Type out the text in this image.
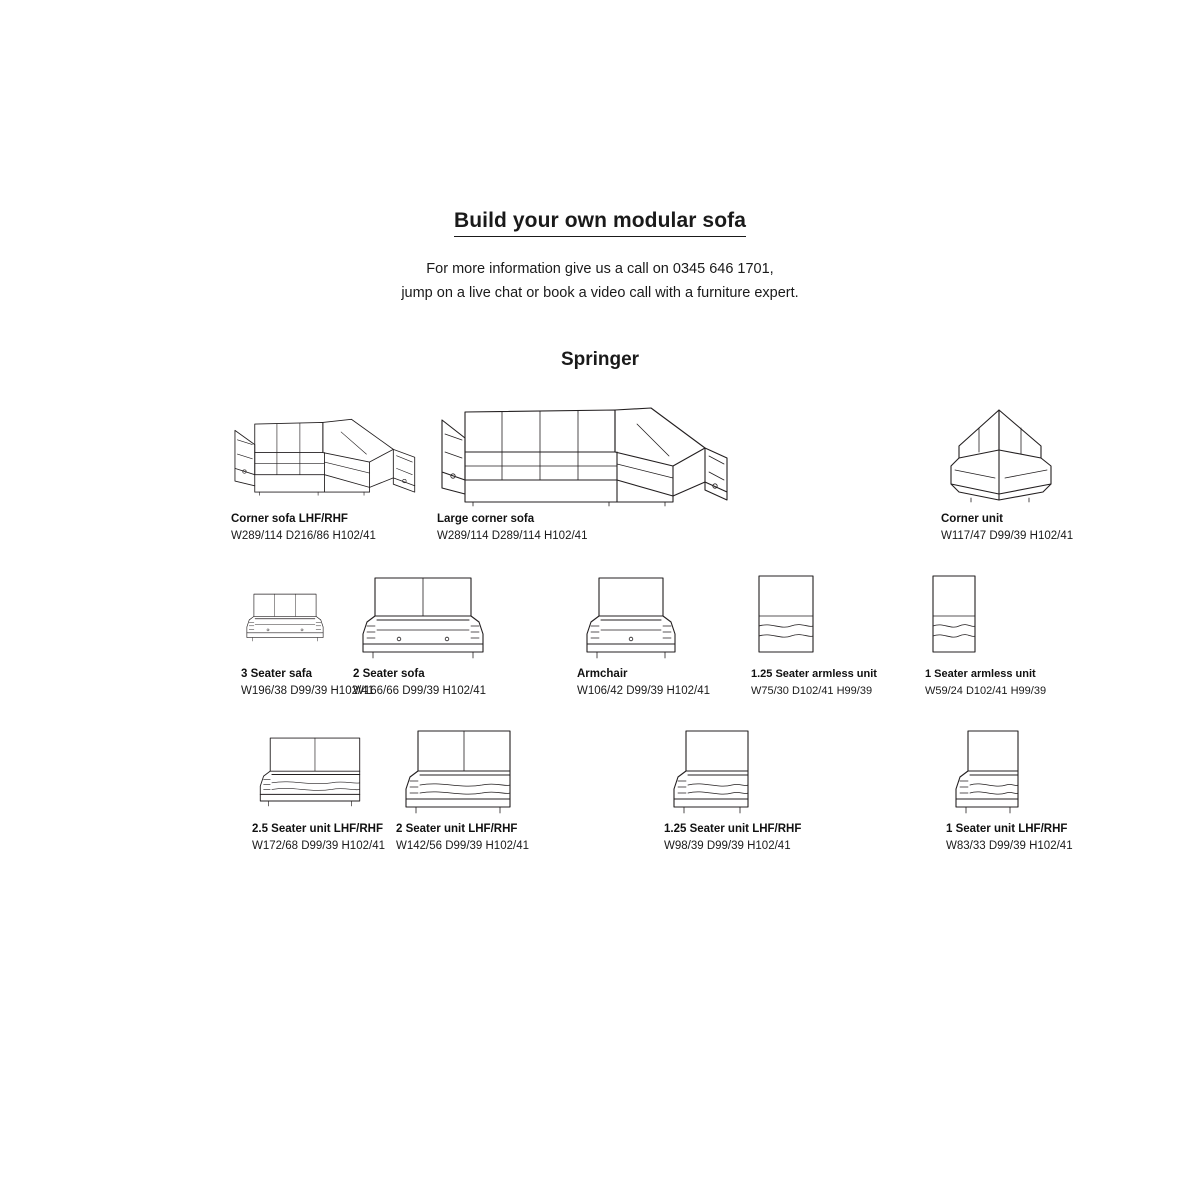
Build your own modular sofa
For more information give us a call on 0345 646 1701,
jump on a live chat or book a video call with a furniture expert.
Springer
Corner sofa LHF/RHF
W289/114 D216/86 H102/41
Large corner sofa
W289/114 D289/114 H102/41
Corner unit
W117/47 D99/39 H102/41
3 Seater safa
W196/38 D99/39 H102/41
2 Seater sofa
W166/66 D99/39 H102/41
Armchair
W106/42 D99/39 H102/41
1.25 Seater armless unit
W75/30 D102/41 H99/39
1 Seater armless unit
W59/24 D102/41 H99/39
2.5 Seater unit LHF/RHF
W172/68 D99/39 H102/41
2 Seater unit LHF/RHF
W142/56 D99/39 H102/41
1.25 Seater unit LHF/RHF
W98/39 D99/39 H102/41
1 Seater unit LHF/RHF
W83/33 D99/39 H102/41
